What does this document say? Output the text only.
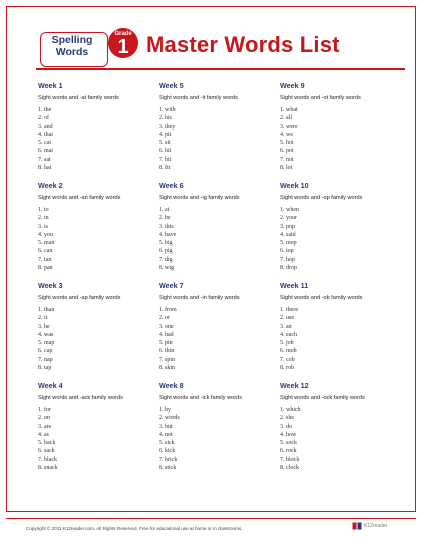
Spelling
Words
Grade
1 Master Words List
Week 1
Sight words and -at family words
1. the
2. of
3. and
4. that
5. cat
6. mat
7. sat
8. hat
Week 5
Sight words and -it family words
1. with
2. his
3. they
4. pit
5. sit
6. hit
7. bit
8. fit
Week 9
Sight words and -ot family words
1. what
2. all
3. were
4. we
5. hot
6. pot
7. not
8. lot
Week 2
Sight words and -an family words
1. to
2. in
3. is
4. you
5. man
6. can
7. tan
8. pan
Week 6
Sight words and -ig family words
1. at
2. be
3. this
4. have
5. big
6. pig
7. dig
8. wig
Week 10
Sight words and -op family words
1. when
2. your
3. pop
4. said
5. mop
6. top
7. hop
8. drop
Week 3
Sight words and -ap family words
1. than
2. it
3. he
4. was
5. map
6. cap
7. nap
8. tap
Week 7
Sight words and -in family words
1. from
2. or
3. one
4. had
5. pin
6. thin
7. spin
8. skin
Week 11
Sight words and -ob family words
1. there
2. use
3. an
4. each
5. job
6. mob
7. cob
8. rob
Week 4
Sight words and -ack family words
1. for
2. on
3. are
4. as
5. back
6. sack
7. black
8. snack
Week 8
Sight words and -ick family words
1. by
2. words
3. but
4. not
5. sick
6. kick
7. brick
8. stick
Week 12
Sight words and -ock family words
1. which
2. she
3. do
4. how
5. sock
6. rock
7. block
8. clock
Copyright © 2011 K12reader.com. All Rights Reserved. Free for educational use at home or in classrooms.	K12reader
